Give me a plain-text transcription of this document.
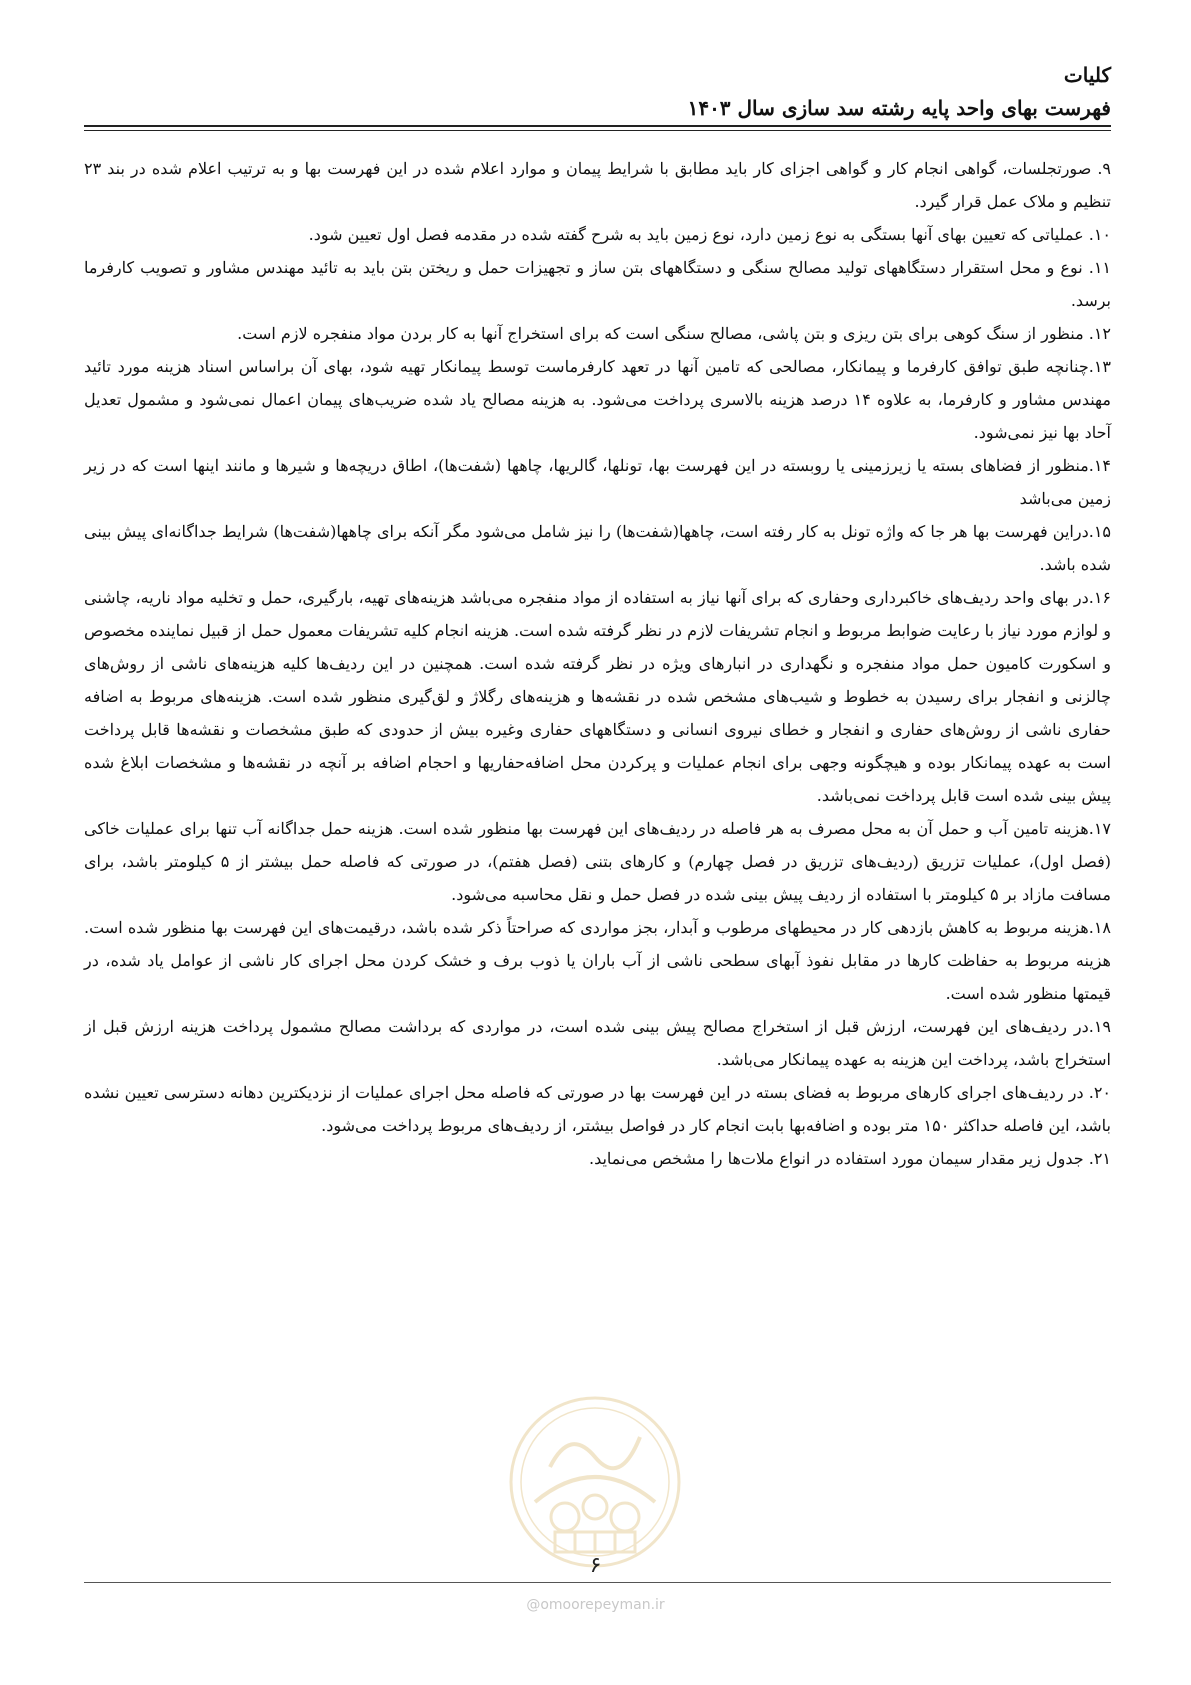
کلیات
فهرست بهای واحد پایه رشته سد سازی سال ۱۴۰۳

۹. صورتجلسات، گواهی انجام کار و گواهی اجزای کار باید مطابق با شرایط پیمان و موارد اعلام شده در این فهرست بها و به ترتیب اعلام شده در بند ۲۳ تنظیم و ملاک عمل قرار گیرد.

۱۰. عملیاتی که تعیین بهای آنها بستگی به نوع زمین دارد، نوع زمین باید به شرح گفته شده در مقدمه فصل اول تعیین شود.

۱۱. نوع و محل استقرار دستگاههای تولید مصالح سنگی و دستگاههای بتن ساز و تجهیزات حمل و ریختن بتن باید به تائید مهندس مشاور و تصویب کارفرما برسد.

۱۲. منظور از سنگ کوهی برای بتن ریزی و بتن پاشی، مصالح سنگی است که برای استخراج آنها به کار بردن مواد منفجره لازم است.

۱۳.چنانچه طبق توافق کارفرما و پیمانکار، مصالحی که تامین آنها در تعهد کارفرماست توسط پیمانکار تهیه شود، بهای آن براساس اسناد هزینه مورد تائید مهندس مشاور و کارفرما، به علاوه ۱۴ درصد هزینه بالاسری پرداخت می‌شود. به هزینه مصالح یاد شده ضریب‌های پیمان اعمال نمی‌شود و مشمول تعدیل آحاد بها نیز نمی‌شود.

۱۴.منظور از فضاهای بسته یا زیرزمینی یا روبسته در این فهرست بها، تونلها، گالریها، چاهها (شفت‌ها)، اطاق دریچه‌ها و شیرها و مانند اینها است که در زیر زمین می‌باشد

۱۵.دراین فهرست بها هر جا که واژه تونل به کار رفته است، چاهها(شفت‌ها) را نیز شامل می‌شود مگر آنکه برای چاهها(شفت‌ها) شرایط جداگانه‌ای پیش بینی شده باشد.

۱۶.در بهای واحد ردیف‌های خاکبرداری وحفاری که برای آنها نیاز به استفاده از مواد منفجره می‌باشد هزینه‌های تهیه، بارگیری، حمل و تخلیه مواد ناریه، چاشنی و لوازم مورد نیاز با رعایت ضوابط مربوط و انجام تشریفات لازم در نظر گرفته شده است. هزینه انجام کلیه تشریفات معمول حمل از قبیل نماینده مخصوص و اسکورت کامیون حمل مواد منفجره و نگهداری در انبارهای ویژه در نظر گرفته شده است. همچنین در این ردیف‌ها کلیه هزینه‌های ناشی از روش‌های چالزنی و انفجار برای رسیدن به خطوط و شیب‌های مشخص شده در نقشه‌ها و هزینه‌های رگلاژ و لق‌گیری منظور شده است. هزینه‌های مربوط به اضافه حفاری ناشی از روش‌های حفاری و انفجار و خطای نیروی انسانی و دستگاههای حفاری وغیره بیش از حدودی که طبق مشخصات و نقشه‌ها قابل پرداخت است به عهده پیمانکار بوده و هیچگونه وجهی برای انجام عملیات و پرکردن محل اضافه‌حفاریها و احجام اضافه بر آنچه در نقشه‌ها و مشخصات ابلاغ شده پیش بینی شده است قابل پرداخت نمی‌باشد.

۱۷.هزینه تامین آب و حمل آن به محل مصرف به هر فاصله در ردیف‌های این فهرست بها منظور شده است. هزینه حمل جداگانه آب تنها برای عملیات خاکی (فصل اول)، عملیات تزریق (ردیف‌های تزریق در فصل چهارم) و کارهای بتنی (فصل هفتم)، در صورتی که فاصله حمل بیشتر از ۵ کیلومتر باشد، برای مسافت مازاد بر ۵ کیلومتر با استفاده از ردیف پیش بینی شده در فصل حمل و نقل محاسبه می‌شود.

۱۸.هزینه مربوط به کاهش بازدهی کار در محیطهای مرطوب و آبدار، بجز مواردی که صراحتاً ذکر شده باشد، درقیمت‌های این فهرست بها منظور شده است. هزینه مربوط به حفاظت کارها در مقابل نفوذ آبهای سطحی ناشی از آب باران یا ذوب برف و خشک کردن محل اجرای کار ناشی از عوامل یاد شده، در قیمتها منظور شده است.

۱۹.در ردیف‌های این فهرست، ارزش قبل از استخراج مصالح پیش بینی شده است، در مواردی که برداشت مصالح مشمول پرداخت هزینه ارزش قبل از استخراج باشد، پرداخت این هزینه به عهده پیمانکار می‌باشد.

۲۰. در ردیف‌های اجرای کارهای مربوط به فضای بسته در این فهرست بها در صورتی که فاصله محل اجرای عملیات از نزدیکترین دهانه دسترسی تعیین نشده باشد، این فاصله حداکثر ۱۵۰ متر بوده و اضافه‌بها بابت انجام کار در فواصل بیشتر، از ردیف‌های مربوط پرداخت می‌شود.

۲۱. جدول زیر مقدار سیمان مورد استفاده در انواع ملات‌ها را مشخص می‌نماید.

۶
@omoorepeyman.ir
